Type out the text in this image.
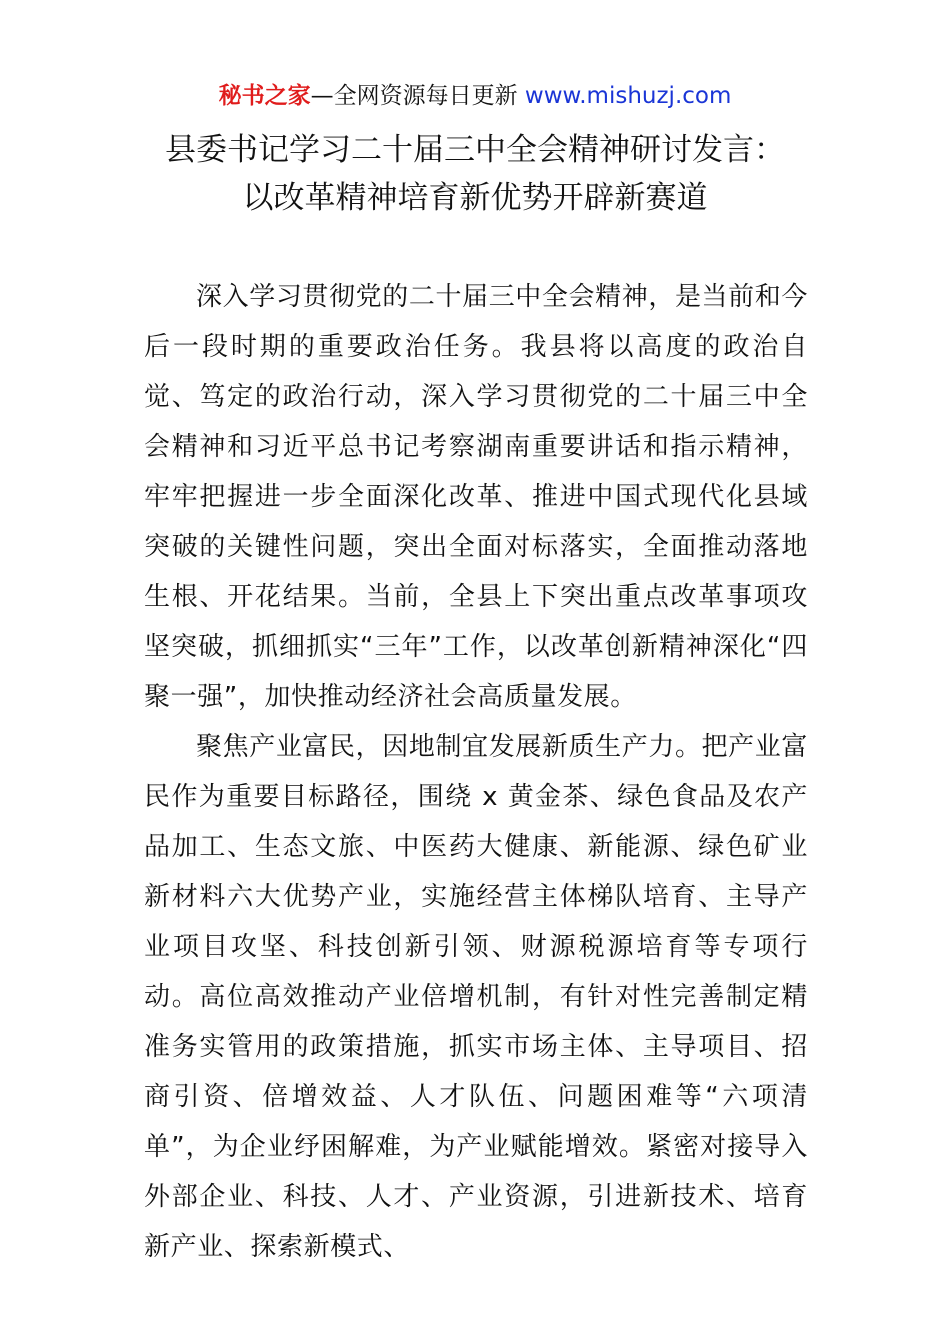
秘书之家—全网资源每日更新 www.mishuzj.com
县委书记学习二十届三中全会精神研讨发言：
以改革精神培育新优势开辟新赛道

深入学习贯彻党的二十届三中全会精神，是当前和今后一段时期的重要政治任务。我县将以高度的政治自觉、笃定的政治行动，深入学习贯彻党的二十届三中全会精神和习近平总书记考察湖南重要讲话和指示精神，牢牢把握进一步全面深化改革、推进中国式现代化县域突破的关键性问题，突出全面对标落实，全面推动落地生根、开花结果。当前，全县上下突出重点改革事项攻坚突破，抓细抓实“三年”工作，以改革创新精神深化“四聚一强”，加快推动经济社会高质量发展。

聚焦产业富民，因地制宜发展新质生产力。把产业富民作为重要目标路径，围绕 x 黄金茶、绿色食品及农产品加工、生态文旅、中医药大健康、新能源、绿色矿业新材料六大优势产业，实施经营主体梯队培育、主导产业项目攻坚、科技创新引领、财源税源培育等专项行动。高位高效推动产业倍增机制，有针对性完善制定精准务实管用的政策措施，抓实市场主体、主导项目、招商引资、倍增效益、人才队伍、问题困难等“六项清单”，为企业纾困解难，为产业赋能增效。紧密对接导入外部企业、科技、人才、产业资源，引进新技术、培育新产业、探索新模式、
